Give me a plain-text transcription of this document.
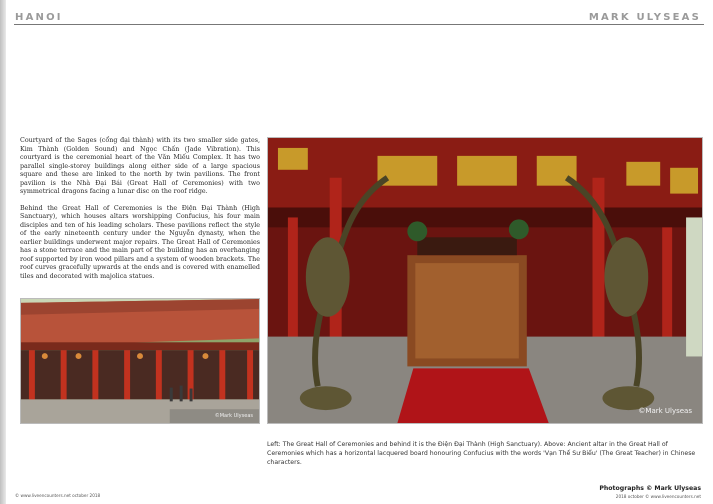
HANOI	MARK ULYSEAS

Courtyard of the Sages (cổng đại thành) with its two smaller side gates, Kim Thành (Golden Sound) and Ngọc Chấn (Jade Vibration). This courtyard is the ceremonial heart of the Văn Miếu Complex. It has two parallel single-storey buildings along either side of a large spacious square and these are linked to the north by twin pavilions. The front pavilion is the Nhà Đại Bái (Great Hall of Ceremonies) with two symmetrical dragons facing a lunar disc on the roof ridge.

Behind the Great Hall of Ceremonies is the Điện Đại Thành (High Sanctuary), which houses altars worshipping Confucius, his four main disciples and ten of his leading scholars. These pavilions reflect the style of the early nineteenth century under the Nguyễn dynasty, when the earlier buildings underwent major repairs. The Great Hall of Ceremonies has a stone terrace and the main part of the building has an overhanging roof supported by iron wood pillars and a system of wooden brackets. The roof curves gracefully upwards at the ends and is covered with enamelled tiles and decorated with majolica statues.

©Mark Ulyseas
©Mark Ulyseas
Left: The Great Hall of Ceremonies and behind it is the Điện Đại Thành (High Sanctuary). Above: Ancient altar in the Great Hall of Ceremonies which has a horizontal lacquered board honouring Confucius with the words 'Vạn Thế Sư Biểu' (The Great Teacher) in Chinese characters.
© www.liveencounters.net october 2018
Photographs © Mark Ulyseas
2018 october © www.liveencounters.net
